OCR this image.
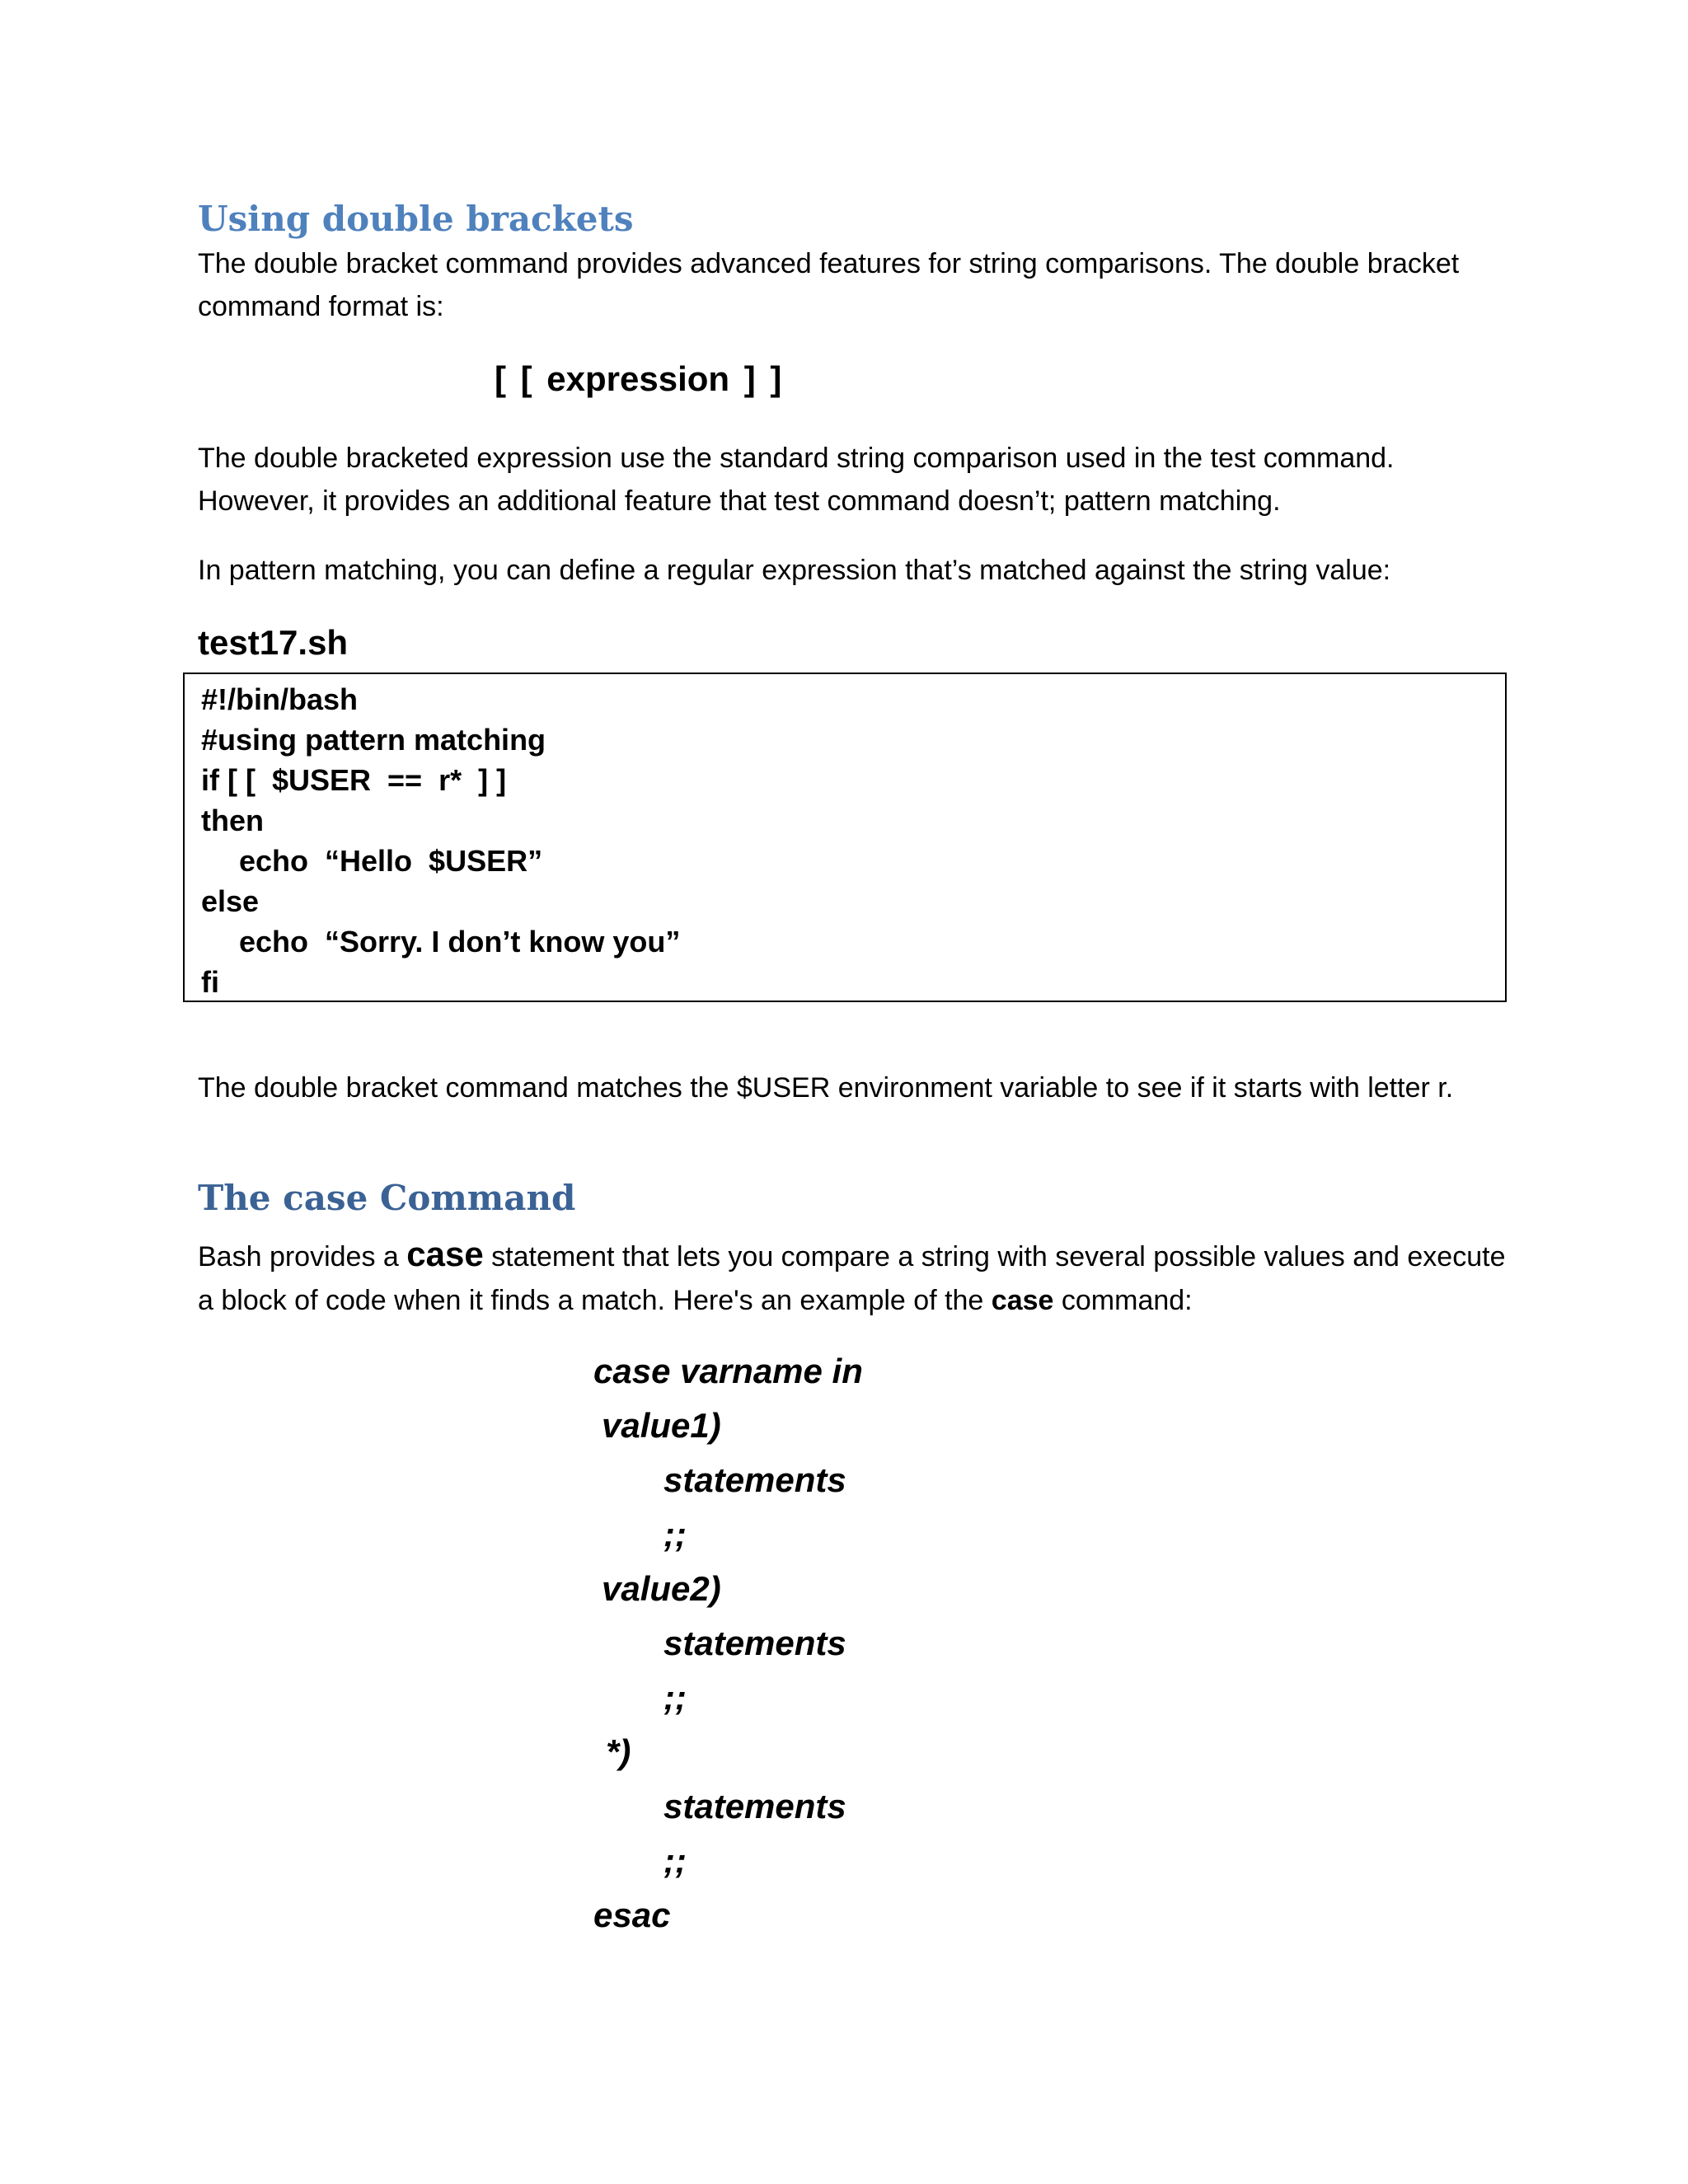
Using double brackets
The double bracket command provides advanced features for string comparisons. The double bracket
command format is:
[ [ expression ] ]
The double bracketed expression use the standard string comparison used in the test command.
However, it provides an additional feature that test command doesn’t; pattern matching.
In pattern matching, you can define a regular expression that’s matched against the string value:
test17.sh
#!/bin/bash
#using pattern matching
if [ [  $USER  ==  r*  ] ]
then
echo  “Hello  $USER”
else
echo  “Sorry. I don’t know you”
fi
The double bracket command matches the $USER environment variable to see if it starts with letter r.
The case Command
Bash provides a case statement that lets you compare a string with several possible values and execute
a block of code when it finds a match. Here's an example of the case command:
case varname in
value1)
statements
;;
value2)
statements
;;
*)
statements
;;
esac
